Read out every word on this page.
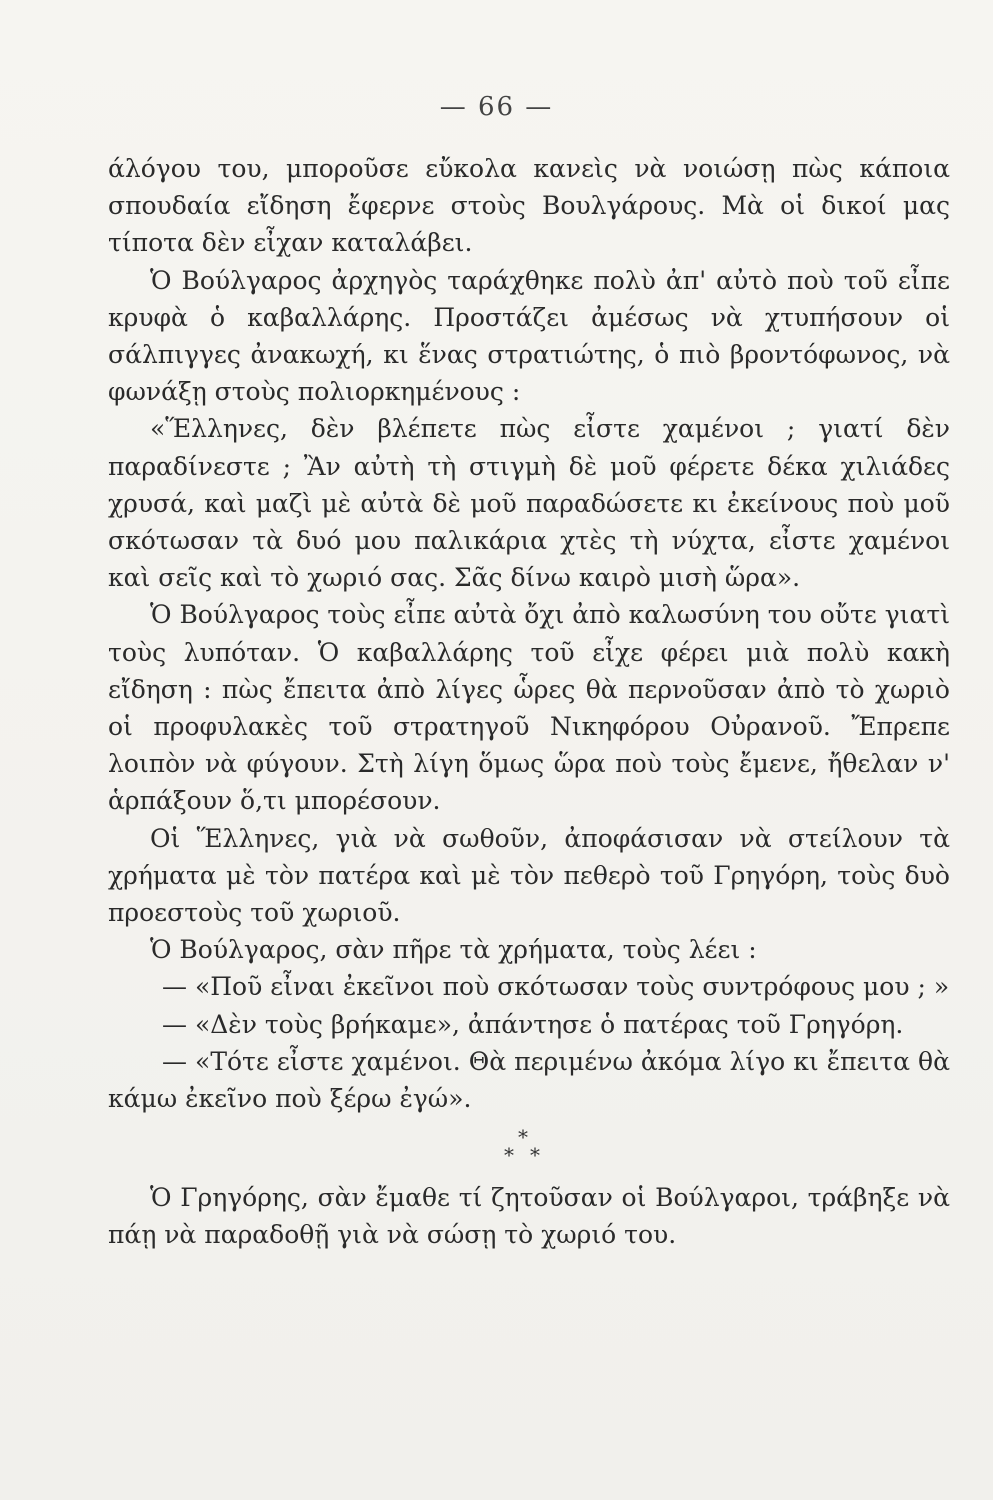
— 66 —

άλόγου του, μποροῦσε εὔκολα κανεὶς νὰ νοιώσῃ πὼς κάποια σπουδαία εἴδηση ἔφερνε στοὺς Βουλγάρους. Μὰ οἱ δικοί μας τίποτα δὲν εἶχαν καταλάβει.

Ὁ Βούλγαρος ἀρχηγὸς ταράχθηκε πολὺ ἀπ' αὐτὸ ποὺ τοῦ εἶπε κρυφὰ ὁ καβαλλάρης. Προστάζει ἀμέσως νὰ χτυπήσουν οἱ σάλπιγγες ἀνακωχή, κι ἕνας στρατιώτης, ὁ πιὸ βροντόφωνος, νὰ φωνάξῃ στοὺς πολιορκημένους :

«Ἕλληνες, δὲν βλέπετε πὼς εἶστε χαμένοι ; γιατί δὲν παραδίνεστε ; Ἂν αὐτὴ τὴ στιγμὴ δὲ μοῦ φέρετε δέκα χιλιάδες χρυσά, καὶ μαζὶ μὲ αὐτὰ δὲ μοῦ παραδώσετε κι ἐκείνους ποὺ μοῦ σκότωσαν τὰ δυό μου παλικάρια χτὲς τὴ νύχτα, εἶστε χαμένοι καὶ σεῖς καὶ τὸ χωριό σας. Σᾶς δίνω καιρὸ μισὴ ὥρα».

Ὁ Βούλγαρος τοὺς εἶπε αὐτὰ ὄχι ἀπὸ καλωσύνη του οὔτε γιατὶ τοὺς λυπόταν. Ὁ καβαλλάρης τοῦ εἶχε φέρει μιὰ πολὺ κακὴ εἴδηση : πὼς ἔπειτα ἀπὸ λίγες ὧρες θὰ περνοῦσαν ἀπὸ τὸ χωριὸ οἱ προφυλακὲς τοῦ στρατηγοῦ Νικηφόρου Οὐρανοῦ. Ἔπρεπε λοιπὸν νὰ φύγουν. Στὴ λίγη ὅμως ὥρα ποὺ τοὺς ἔμενε, ἤθελαν ν' ἁρπάξουν ὅ,τι μπορέσουν.

Οἱ Ἕλληνες, γιὰ νὰ σωθοῦν, ἀποφάσισαν νὰ στείλουν τὰ χρήματα μὲ τὸν πατέρα καὶ μὲ τὸν πεθερὸ τοῦ Γρηγόρη, τοὺς δυὸ προεστοὺς τοῦ χωριοῦ.

Ὁ Βούλγαρος, σὰν πῆρε τὰ χρήματα, τοὺς λέει :

— «Ποῦ εἶναι ἐκεῖνοι ποὺ σκότωσαν τοὺς συντρόφους μου ; »

— «Δὲν τοὺς βρήκαμε», ἀπάντησε ὁ πατέρας τοῦ Γρηγόρη.

— «Τότε εἶστε χαμένοι. Θὰ περιμένω ἀκόμα λίγο κι ἔπειτα θὰ κάμω ἐκεῖνο ποὺ ξέρω ἐγώ».

*
* *

Ὁ Γρηγόρης, σὰν ἔμαθε τί ζητοῦσαν οἱ Βούλγαροι, τράβηξε νὰ πάῃ νὰ παραδοθῇ γιὰ νὰ σώσῃ τὸ χωριό του.
